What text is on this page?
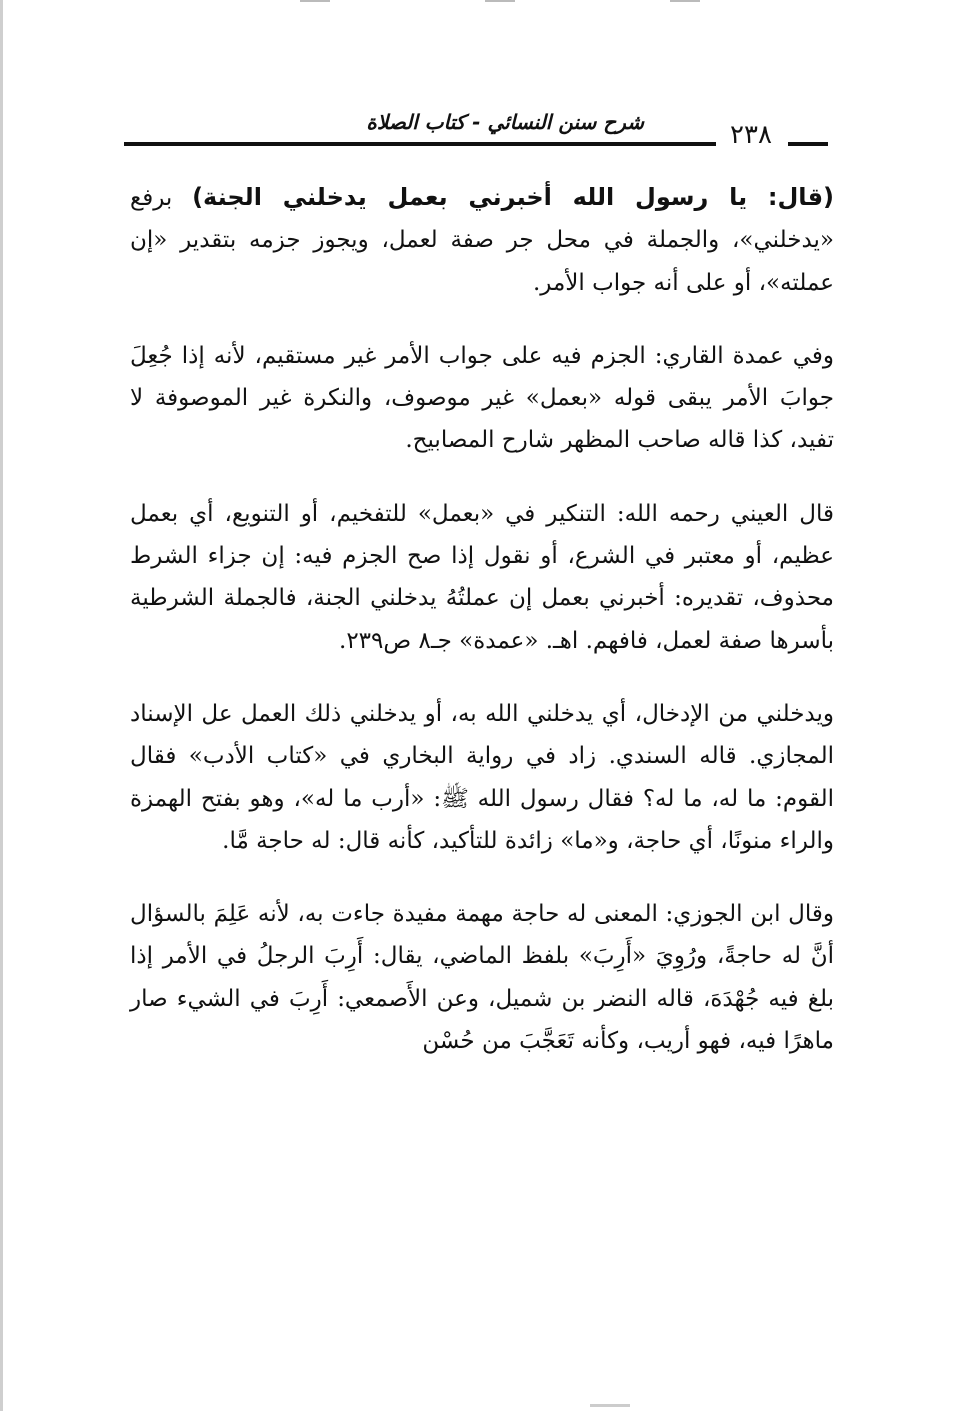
شرح سنن النسائي - كتاب الصلاة	٢٣٨

(قال: يا رسول الله أخبرني بعمل يدخلني الجنة) برفع «يدخلني»، والجملة في محل جر صفة لعمل، ويجوز جزمه بتقدير «إن عملته»، أو على أنه جواب الأمر.

وفي عمدة القاري: الجزم فيه على جواب الأمر غير مستقيم، لأنه إذا جُعِلَ جوابَ الأمر يبقى قوله «بعمل» غير موصوف، والنكرة غير الموصوفة لا تفيد، كذا قاله صاحب المظهر شارح المصابيح.

قال العيني رحمه الله: التنكير في «بعمل» للتفخيم، أو التنويع، أي بعمل عظيم، أو معتبر في الشرع، أو نقول إذا صح الجزم فيه: إن جزاء الشرط محذوف، تقديره: أخبرني بعمل إن عملتُهُ يدخلني الجنة، فالجملة الشرطية بأسرها صفة لعمل، فافهم. اهـ. «عمدة» جـ٨ ص٢٣٩.

ويدخلني من الإدخال، أي يدخلني الله به، أو يدخلني ذلك العمل عل الإسناد المجازي. قاله السندي. زاد في رواية البخاري في «كتاب الأدب» فقال القوم: ما له، ما له؟ فقال رسول الله ﷺ: «أرب ما له»، وهو بفتح الهمزة والراء منونًا، أي حاجة، و«ما» زائدة للتأكيد، كأنه قال: له حاجة مَّا.

وقال ابن الجوزي: المعنى له حاجة مهمة مفيدة جاءت به، لأنه عَلِمَ بالسؤال أنَّ له حاجةً، ورُوِيَ «أَرِبَ» بلفظ الماضي، يقال: أَرِبَ الرجلُ في الأمر إذا بلغ فيه جُهْدَهَ، قاله النضر بن شميل، وعن الأَصمعي: أَرِبَ في الشيء صار ماهرًا فيه، فهو أريب، وكأنه تَعَجَّبَ من حُسْن
